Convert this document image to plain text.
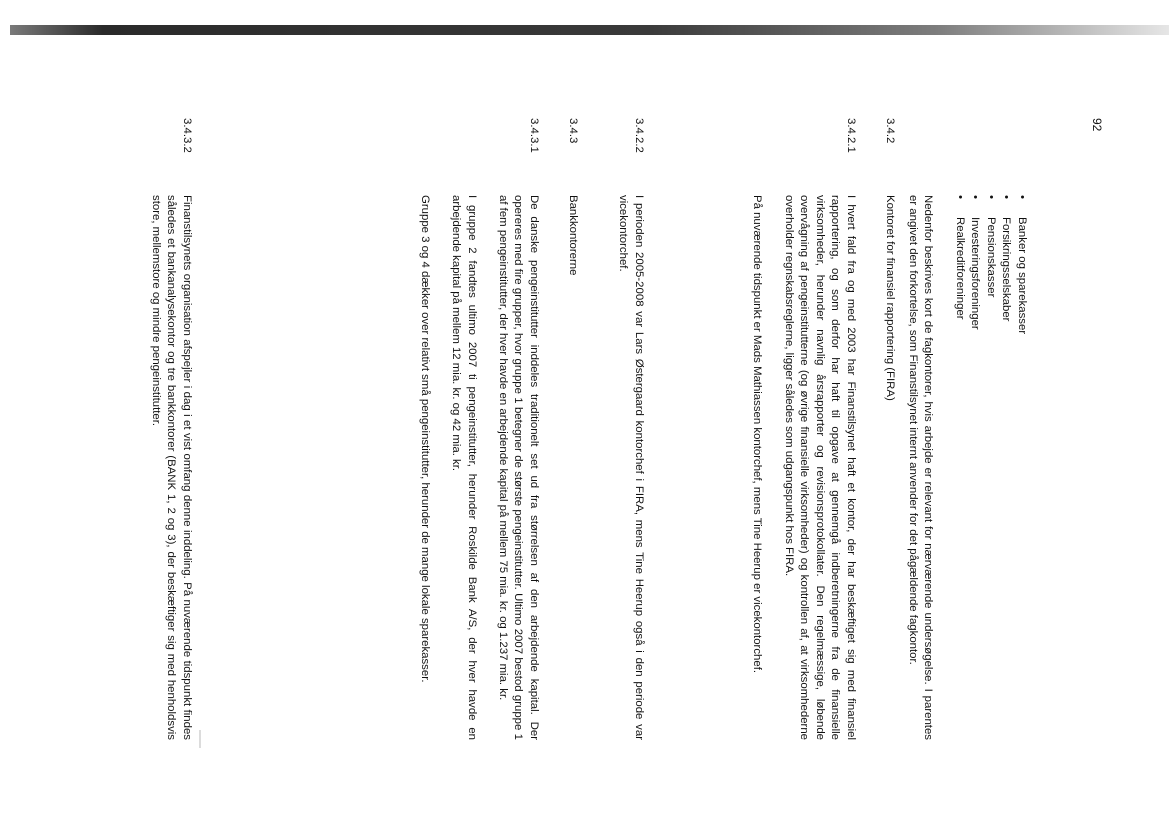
92
• Banker og sparekasser
• Forsikringsselskaber
• Pensionskasser
• Investeringsforeninger
• Realkreditforeninger

Nedenfor beskrives kort de fagkontorer, hvis arbejde er relevant for nærværende undersøgelse. I parentes er angivet den forkortelse, som Finanstilsynet internt anvender for det pågældende fagkontor.

3.4.2

Kontoret for finansiel rapportering (FIRA)

3.4.2.1

I hvert fald fra og med 2003 har Finanstilsynet haft et kontor, der har beskæftiget sig med finansiel rapportering, og som derfor har haft til opgave at gennemgå indberetningerne fra de finansielle virksomheder, herunder navnlig årsrapporter og revisionsprotokollater. Den regelmæssige, løbende overvågning af pengeinstitutterne (og øvrige finansielle virksomheder) og kontrollen af, at virksomhederne overholder regnskabsreglerne, ligger således som udgangspunkt hos FIRA.

På nuværende tidspunkt er Mads Mathiassen kontorchef, mens Tine Heerup er vicekontorchef.

3.4.2.2

I perioden 2005-2008 var Lars Østergaard kontorchef i FIRA, mens Tine Heerup også i den periode var vicekontorchef.

3.4.3

Bankkontorerne

3.4.3.1

De danske pengeinstitutter inddeles traditionelt set ud fra størrelsen af den arbejdende kapital. Der opereres med fire grupper, hvor gruppe 1 betegner de største pengeinstitutter. Ultimo 2007 bestod gruppe 1 af fem pengeinstitutter, der hver havde en arbejdende kapital på mellem 75 mia. kr. og 1.237 mia. kr.

I gruppe 2 fandtes ultimo 2007 ti pengeinstitutter, herunder Roskilde Bank A/S, der hver havde en arbejdende kapital på mellem 12 mia. kr. og 42 mia. kr.

Gruppe 3 og 4 dækker over relativt små pengeinstitutter, herunder de mange lokale sparekasser.

3.4.3.2

Finanstilsynets organisation afspejler i dag i et vist omfang denne inddeling. På nuværende tidspunkt findes således et bankanalysekontor og tre bankkontorer (BANK 1, 2 og 3), der beskæftiger sig med henholdsvis store, mellemstore og mindre pengeinstitutter.
